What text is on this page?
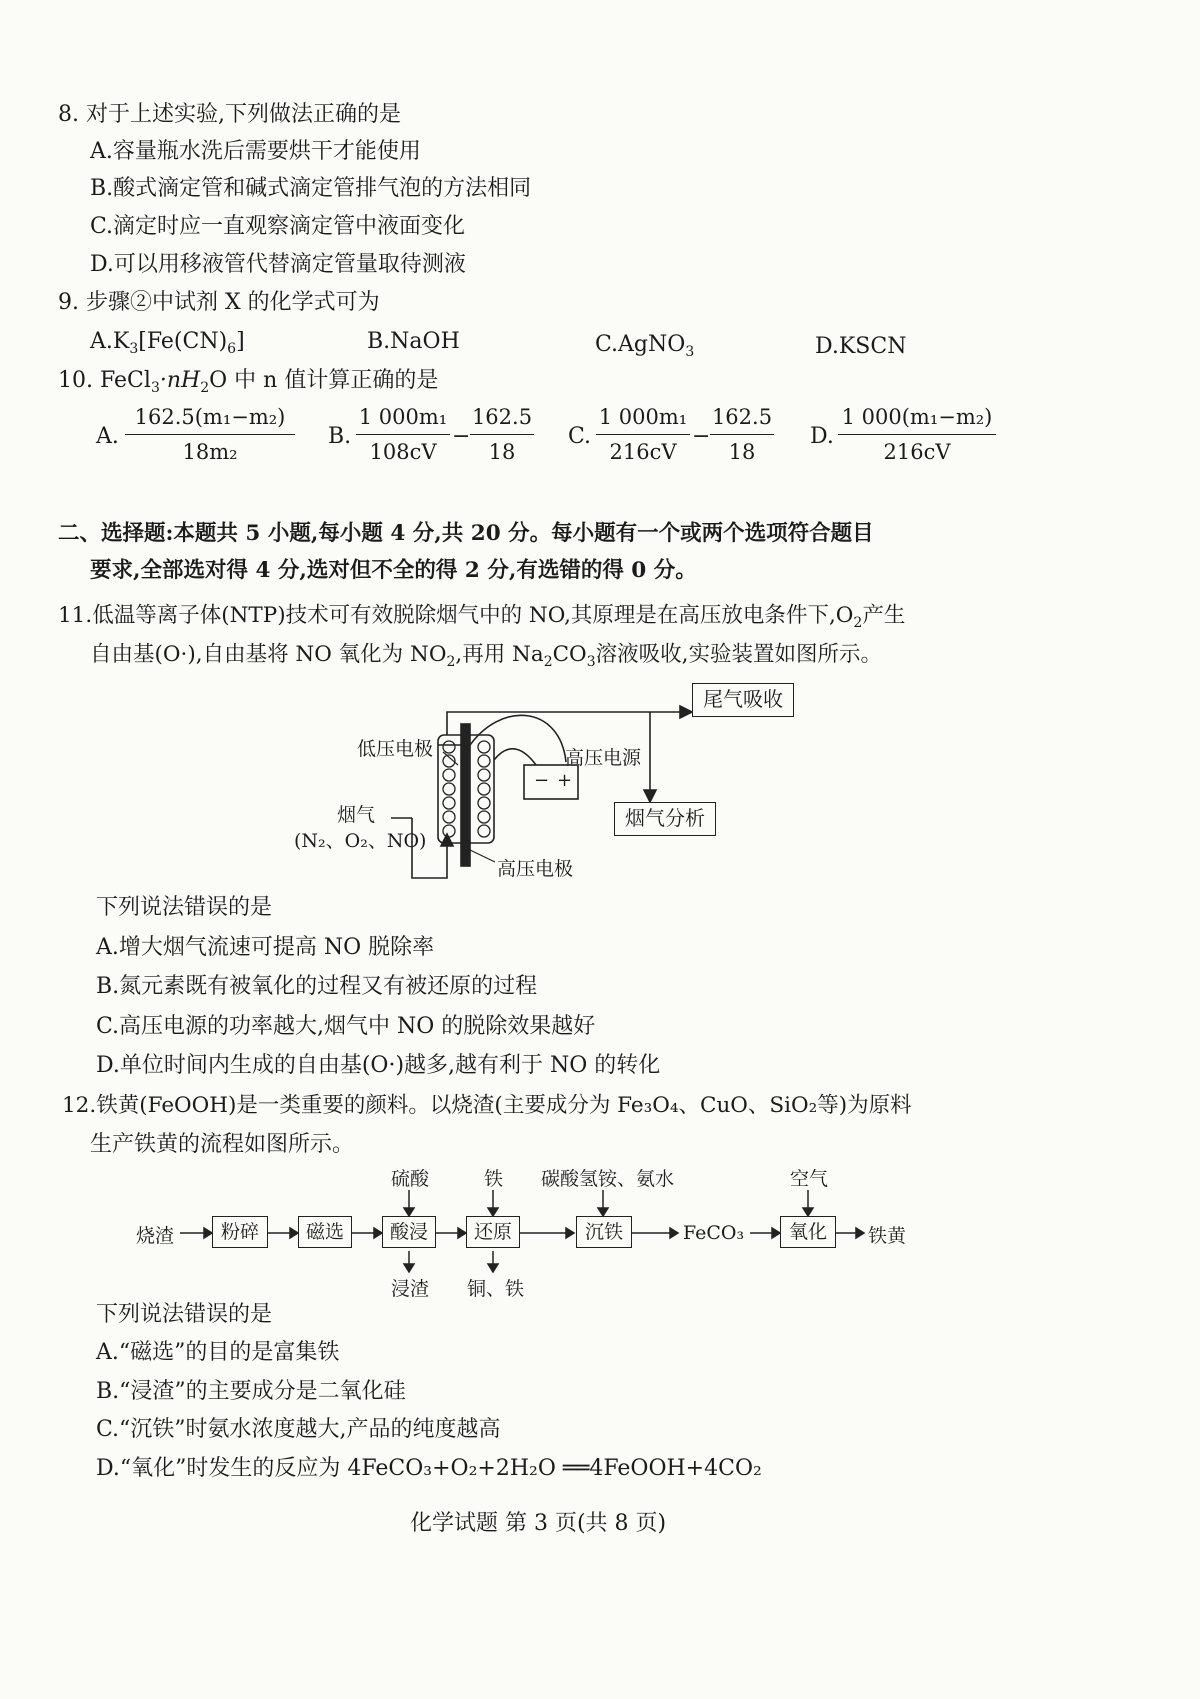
8. 对于上述实验,下列做法正确的是
A.容量瓶水洗后需要烘干才能使用
B.酸式滴定管和碱式滴定管排气泡的方法相同
C.滴定时应一直观察滴定管中液面变化
D.可以用移液管代替滴定管量取待测液
9. 步骤②中试剂 X 的化学式可为
$A.K_3[Fe(CN)_6]$	B.NaOH	C.AgNO$_3$	D.KSCN
10. $FeCl_3\cdot nH_2O$ 中 n 值计算正确的是
A.
162.5(m₁−m₂)
18m₂
B.
1 000m₁
108cV
−
162.5
18
C.
1 000m₁
216cV
−
162.5
18
D.
1 000(m₁−m₂)
216cV
二、选择题:本题共 5 小题,每小题 4 分,共 20 分。每小题有一个或两个选项符合题目
要求,全部选对得 4 分,选对但不全的得 2 分,有选错的得 0 分。
11.低温等离子体(NTP)技术可有效脱除烟气中的 NO,其原理是在高压放电条件下$,O_2$产生
自由基(O·),自由基将 NO 氧化为 $NO_2$,再用 $Na_2CO_3$溶液吸收,实验装置如图所示。
尾气吸收
烟气分析
低压电极	高压电源
− +
烟气
(N₂、O₂、NO)
高压电极
下列说法错误的是
A.增大烟气流速可提高 NO 脱除率
B.氮元素既有被氧化的过程又有被还原的过程
C.高压电源的功率越大,烟气中 NO 的脱除效果越好
D.单位时间内生成的自由基(O·)越多,越有利于 NO 的转化
12.铁黄(FeOOH)是一类重要的颜料。以烧渣(主要成分为 Fe₃O₄、CuO、SiO₂等)为原料
生产铁黄的流程如图所示。
烧渣	粉碎	磁选	酸浸	还原	沉铁	FeCO₃	氧化	铁黄
硫酸	铁 碳酸氢铵、氨水	空气
浸渣 铜、铁
下列说法错误的是
A.“磁选”的目的是富集铁
B.“浸渣”的主要成分是二氧化硅
C.“沉铁”时氨水浓度越大,产品的纯度越高
D.“氧化”时发生的反应为 4FeCO₃+O₂+2H₂O ══4FeOOH+4CO₂
化学试题 第 3 页(共 8 页)
